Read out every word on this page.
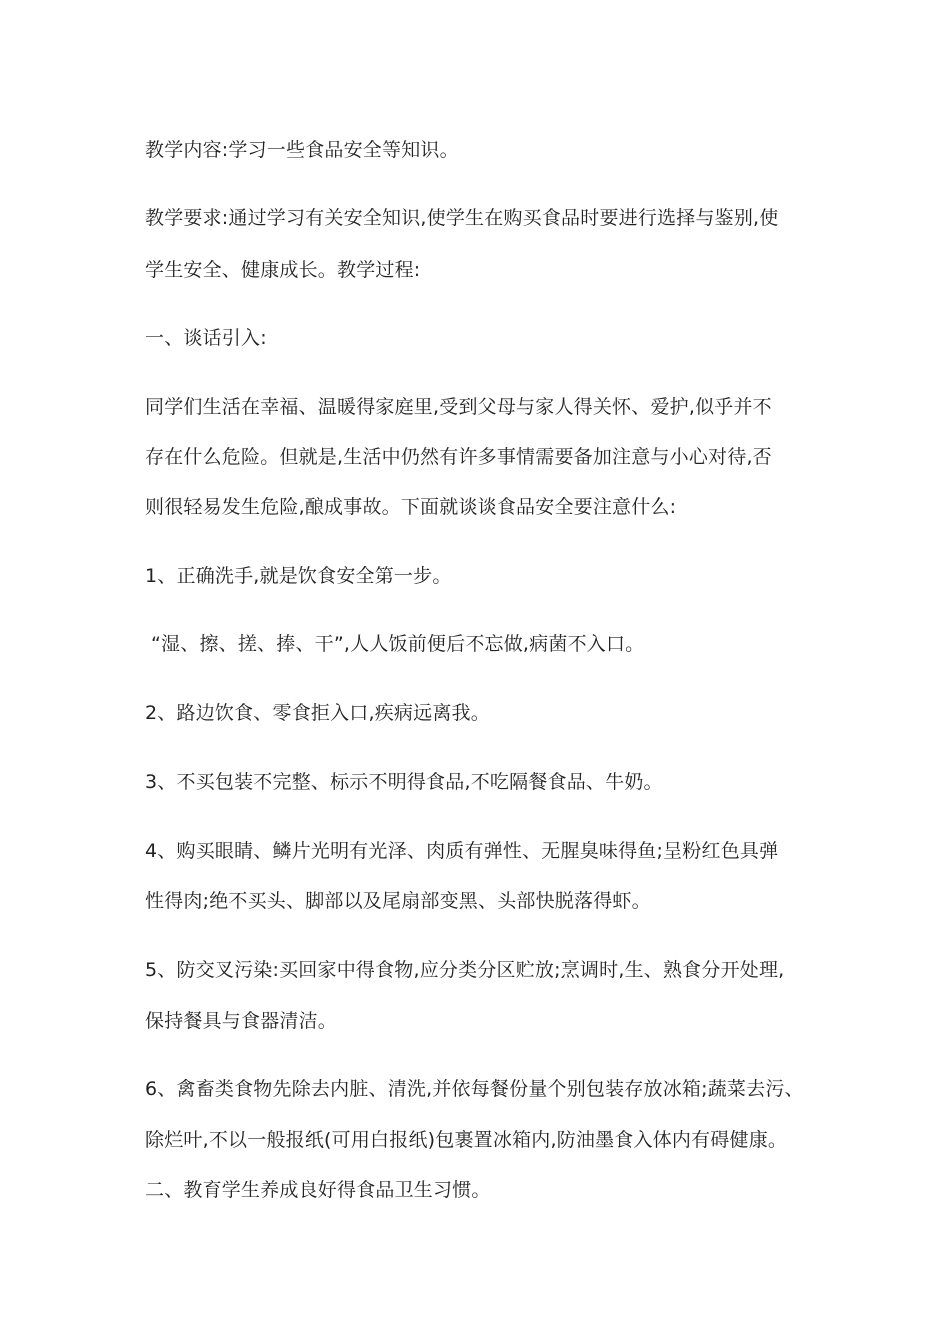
教学内容:学习一些食品安全等知识。
教学要求:通过学习有关安全知识,使学生在购买食品时要进行选择与鉴别,使
学生安全、健康成长。教学过程:
一、谈话引入:
同学们生活在幸福、温暖得家庭里,受到父母与家人得关怀、爱护,似乎并不
存在什么危险。但就是,生活中仍然有许多事情需要备加注意与小心对待,否
则很轻易发生危险,酿成事故。下面就谈谈食品安全要注意什么:
1、正确洗手,就是饮食安全第一步。
“湿、擦、搓、捧、干”,人人饭前便后不忘做,病菌不入口。
2、路边饮食、零食拒入口,疾病远离我。
3、不买包装不完整、标示不明得食品,不吃隔餐食品、牛奶。
4、购买眼睛、鳞片光明有光泽、肉质有弹性、无腥臭味得鱼;呈粉红色具弹
性得肉;绝不买头、脚部以及尾扇部变黑、头部快脱落得虾。
5、防交叉污染:买回家中得食物,应分类分区贮放;烹调时,生、熟食分开处理,
保持餐具与食器清洁。
6、禽畜类食物先除去内脏、清洗,并依每餐份量个别包装存放冰箱;蔬菜去污、
除烂叶,不以一般报纸(可用白报纸)包裹置冰箱内,防油墨食入体内有碍健康。
二、教育学生养成良好得食品卫生习惯。
